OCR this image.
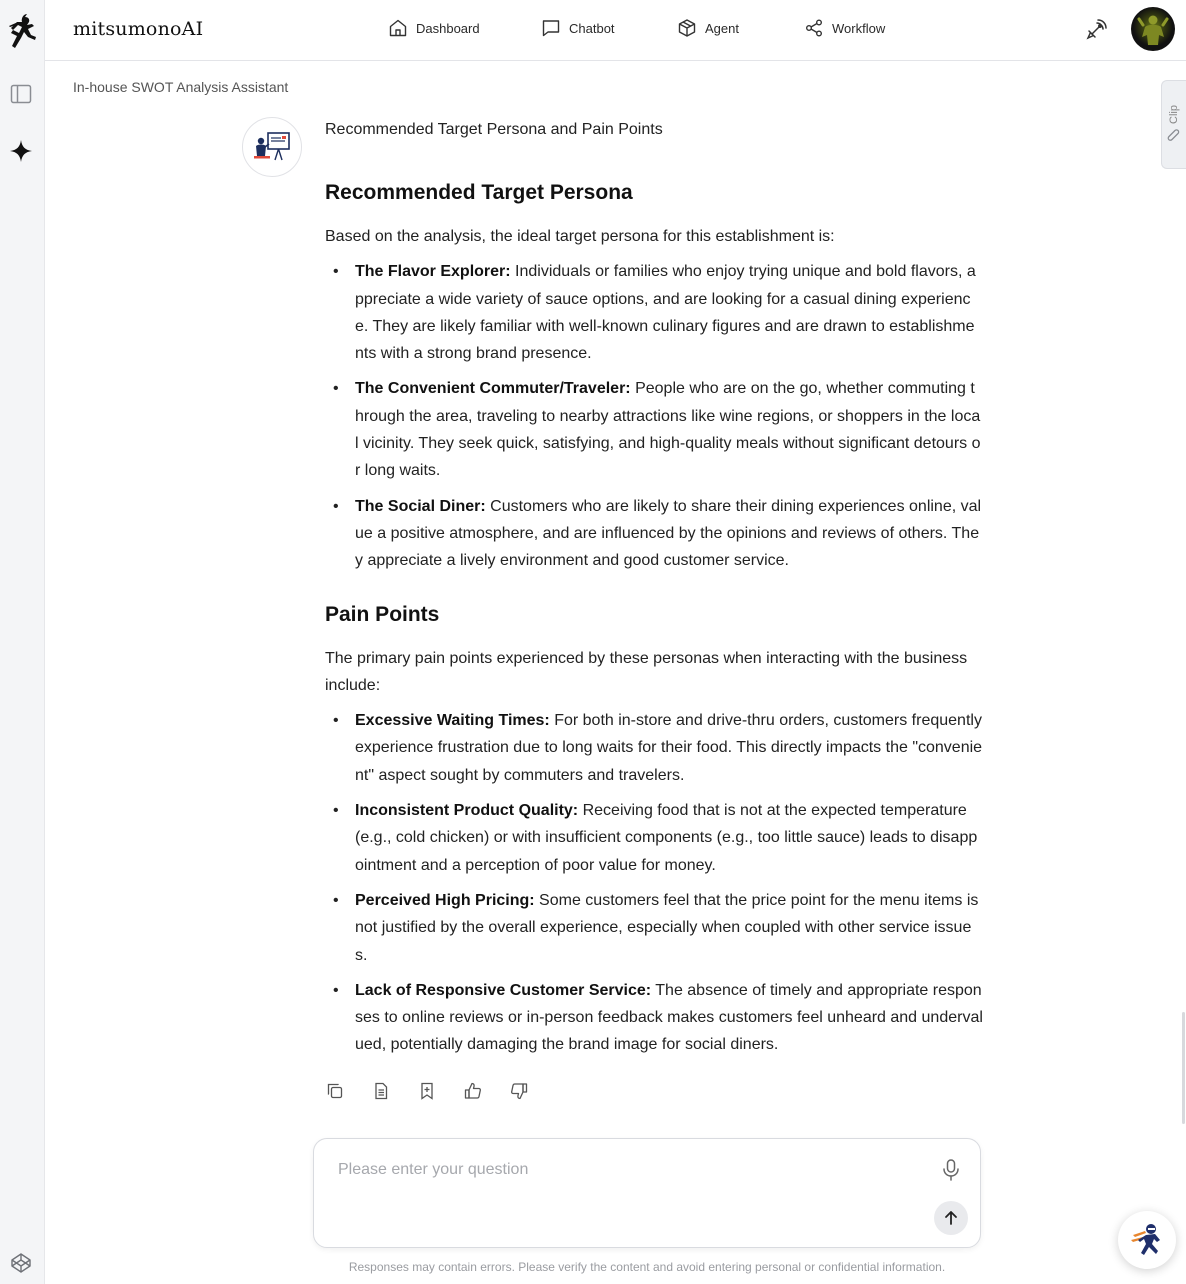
mitsumonoAI	Dashboard	Chatbot	Agent	Workflow
In-house SWOT Analysis Assistant
Clip
Recommended Target Persona and Pain Points
Recommended Target Persona

Based on the analysis, the ideal target persona for this establishment is:

• The Flavor Explorer: Individuals or families who enjoy trying unique and bold flavors, appreciate a wide variety of sauce options, and are looking for a casual dining experience. They are likely familiar with well-known culinary figures and are drawn to establishments with a strong brand presence.
• The Convenient Commuter/Traveler: People who are on the go, whether commuting through the area, traveling to nearby attractions like wine regions, or shoppers in the local vicinity. They seek quick, satisfying, and high-quality meals without significant detours or long waits.
• The Social Diner: Customers who are likely to share their dining experiences online, value a positive atmosphere, and are influenced by the opinions and reviews of others. They appreciate a lively environment and good customer service.
Pain Points

The primary pain points experienced by these personas when interacting with the business include:

• Excessive Waiting Times: For both in-store and drive-thru orders, customers frequently experience frustration due to long waits for their food. This directly impacts the "convenient" aspect sought by commuters and travelers.
• Inconsistent Product Quality: Receiving food that is not at the expected temperature (e.g., cold chicken) or with insufficient components (e.g., too little sauce) leads to disappointment and a perception of poor value for money.
• Perceived High Pricing: Some customers feel that the price point for the menu items is not justified by the overall experience, especially when coupled with other service issues.
• Lack of Responsive Customer Service: The absence of timely and appropriate responses to online reviews or in-person feedback makes customers feel unheard and undervalued, potentially damaging the brand image for social diners.
Please enter your question
Responses may contain errors. Please verify the content and avoid entering personal or confidential information.
